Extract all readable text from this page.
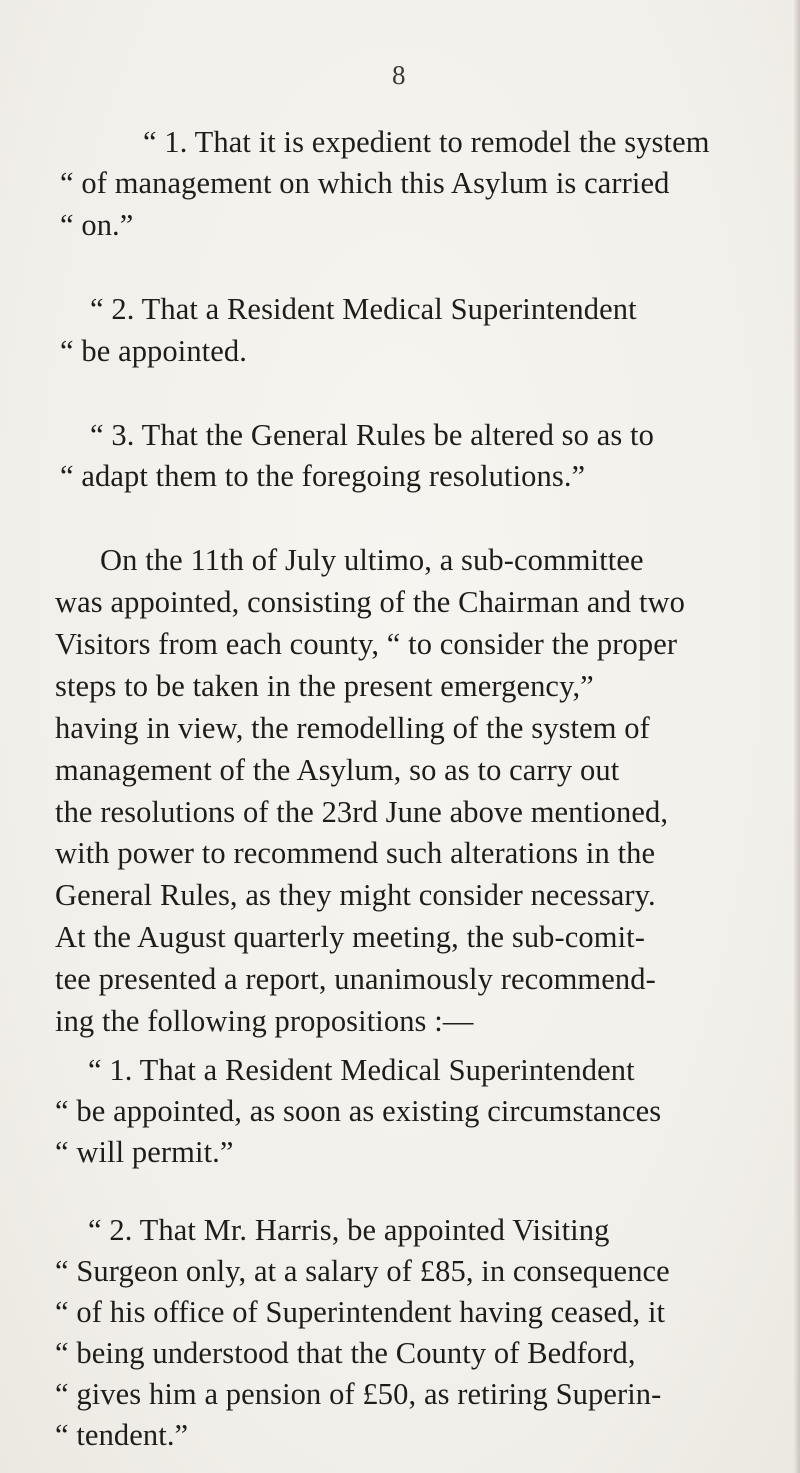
8
“ 1. That it is expedient to remodel the system
“ of management on which this Asylum is carried
“ on.”
“ 2. That a Resident Medical Superintendent
“ be appointed.
“ 3. That the General Rules be altered so as to
“ adapt them to the foregoing resolutions.”
On the 11th of July ultimo, a sub-committee
was appointed, consisting of the Chairman and two
Visitors from each county, “ to consider the proper
steps to be taken in the present emergency,”
having in view, the remodelling of the system of
management of the Asylum, so as to carry out
the resolutions of the 23rd June above mentioned,
with power to recommend such alterations in the
General Rules, as they might consider necessary.
At the August quarterly meeting, the sub-comit-
tee presented a report, unanimously recommend-
ing the following propositions :—
“ 1. That a Resident Medical Superintendent
“ be appointed, as soon as existing circumstances
“ will permit.”
“ 2. That Mr. Harris, be appointed Visiting
“ Surgeon only, at a salary of £85, in consequence
“ of his office of Superintendent having ceased, it
“ being understood that the County of Bedford,
“ gives him a pension of £50, as retiring Superin-
“ tendent.”
